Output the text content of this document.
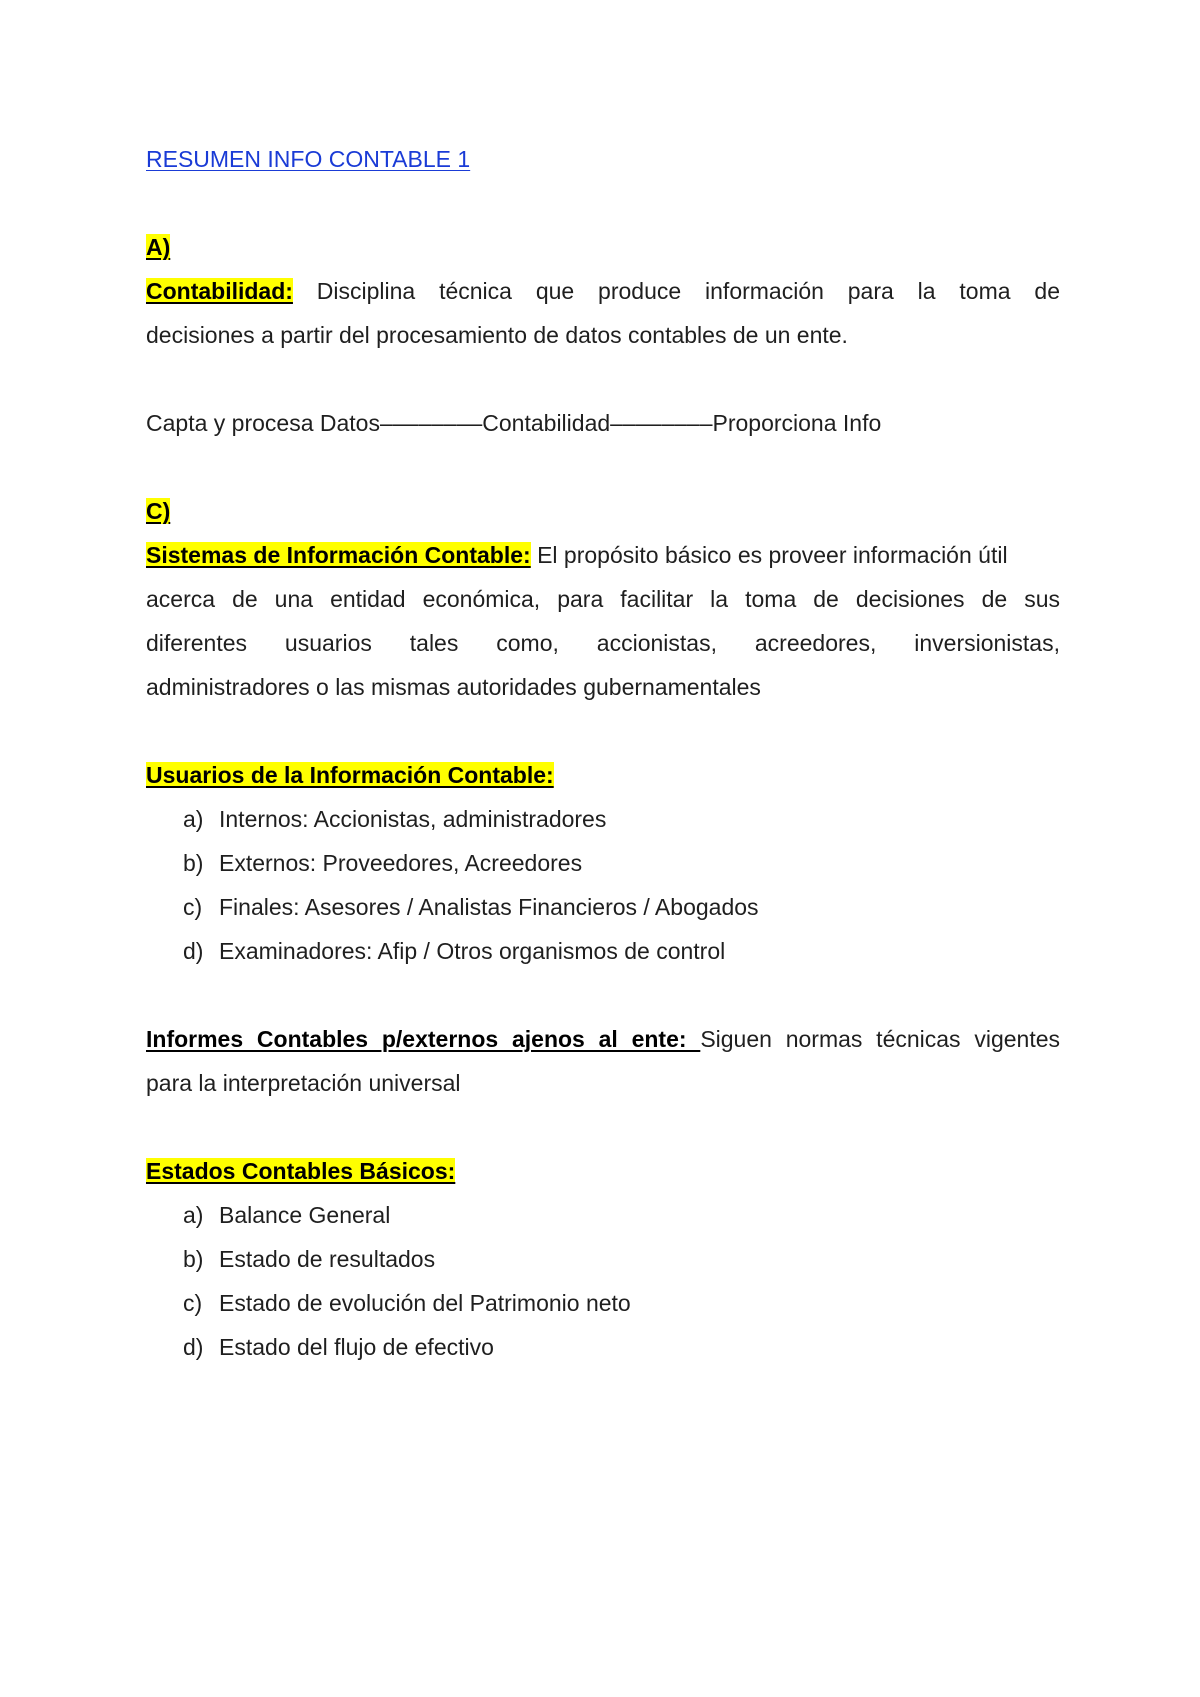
RESUMEN INFO CONTABLE 1
A)
Contabilidad: Disciplina técnica que produce información para la toma de
decisiones a partir del procesamiento de datos contables de un ente.
Capta y procesa Datos––––––––Contabilidad––––––––Proporciona Info
C)
Sistemas de Información Contable: El propósito básico es proveer información útil
acerca de una entidad económica, para facilitar la toma de decisiones de sus
diferentes usuarios tales como, accionistas, acreedores, inversionistas,
administradores o las mismas autoridades gubernamentales
Usuarios de la Información Contable:
a) Internos: Accionistas, administradores
b) Externos: Proveedores, Acreedores
c) Finales: Asesores / Analistas Financieros / Abogados
d) Examinadores: Afip / Otros organismos de control
Informes Contables p/externos ajenos al ente: Siguen normas técnicas vigentes
para la interpretación universal
Estados Contables Básicos:
a) Balance General
b) Estado de resultados
c) Estado de evolución del Patrimonio neto
d) Estado del flujo de efectivo
